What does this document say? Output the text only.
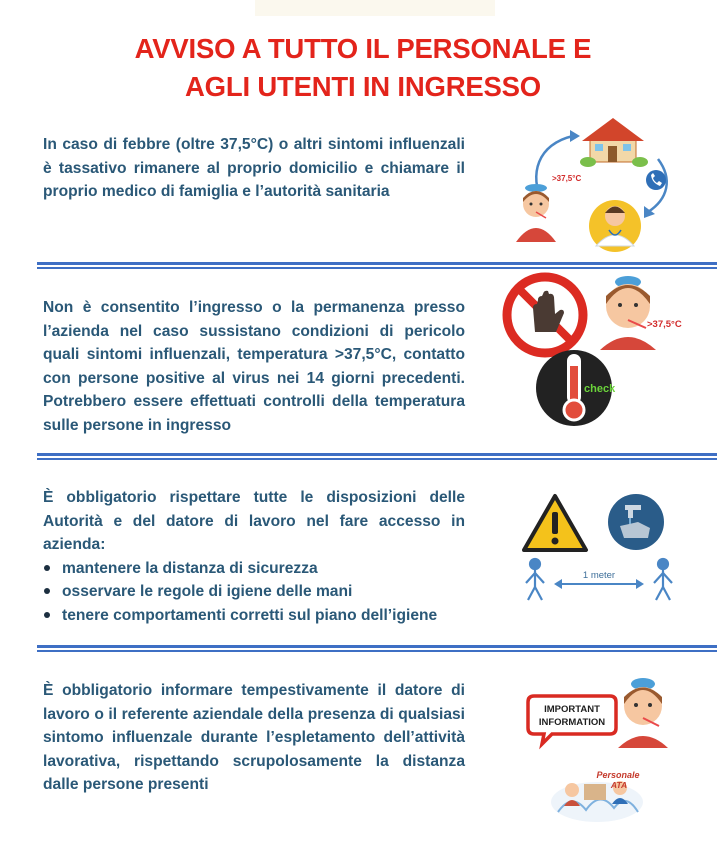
AVVISO A TUTTO IL PERSONALE E
AGLI UTENTI IN INGRESSO

In caso di febbre (oltre 37,5°C) o altri sintomi influenzali è tassativo rimanere al proprio domicilio e chiamare il proprio medico di famiglia e l’autorità sanitaria

>37,5°C

Non è consentito l’ingresso o la permanenza presso l’azienda nel caso sussistano condizioni di pericolo quali sintomi influenzali, temperatura >37,5°C, contatto con persone positive al virus nei 14 giorni precedenti. Potrebbero essere effettuati controlli della temperatura sulle persone in ingresso

>37,5°C
check

È obbligatorio rispettare tutte le disposizioni delle Autorità e del datore di lavoro nel fare accesso in azienda:

mantenere la distanza di sicurezza
osservare le regole di igiene delle mani
tenere comportamenti corretti sul piano dell’igiene
1 meter

È obbligatorio informare tempestivamente il datore di lavoro o il referente aziendale della presenza di qualsiasi sintomo influenzale durante l’espletamento dell’attività lavorativa, rispettando scrupolosamente la distanza dalle persone presenti

IMPORTANT
INFORMATION
Personale
ATA
